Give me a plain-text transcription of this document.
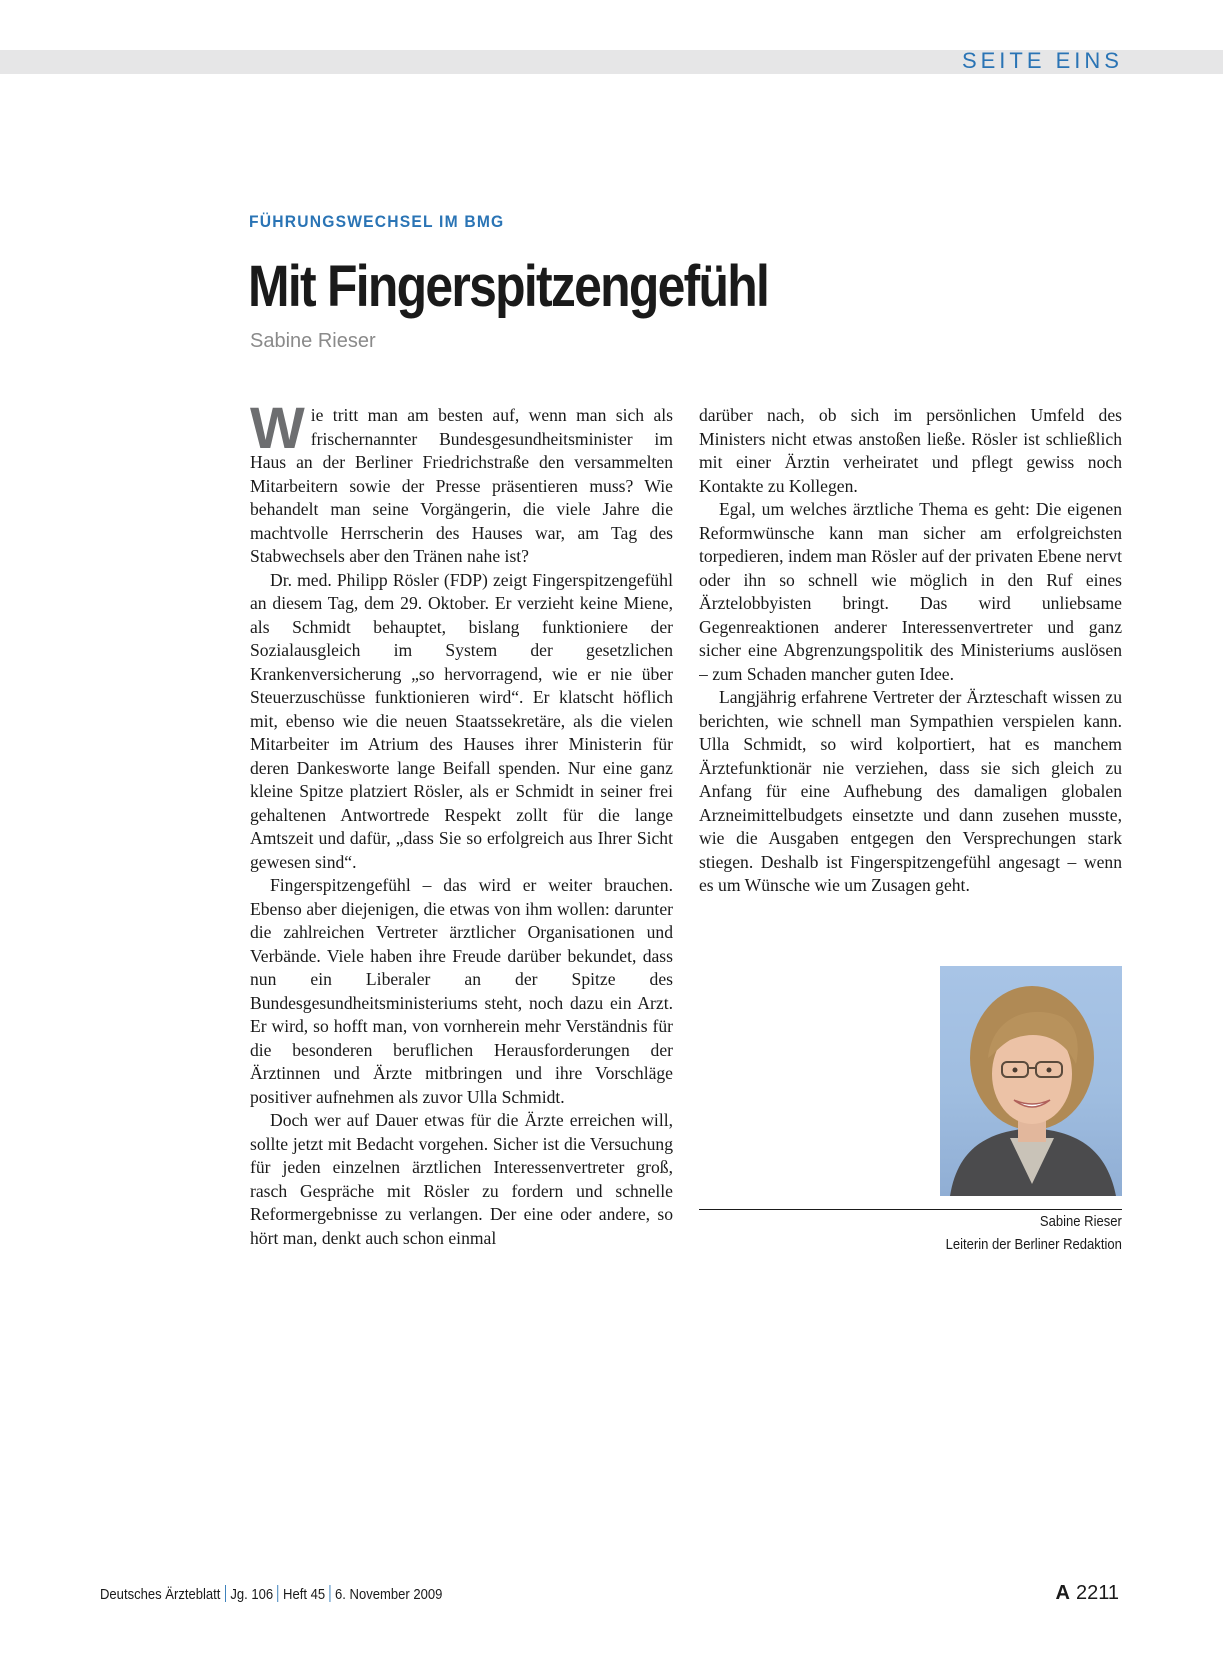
SEITE EINS
FÜHRUNGSWECHSEL IM BMG
Mit Fingerspitzengefühl
Sabine Rieser

Wie tritt man am besten auf, wenn man sich als frischernannter Bundesgesundheitsminister im Haus an der Berliner Friedrichstraße den versammelten Mitarbeitern sowie der Presse präsentieren muss? Wie behandelt man seine Vorgängerin, die viele Jahre die machtvolle Herrscherin des Hauses war, am Tag des Stabwechsels aber den Tränen nahe ist?

Dr. med. Philipp Rösler (FDP) zeigt Fingerspitzengefühl an diesem Tag, dem 29. Oktober. Er verzieht keine Miene, als Schmidt behauptet, bislang funktioniere der Sozialausgleich im System der gesetzlichen Krankenversicherung „so hervorragend, wie er nie über Steuerzuschüsse funktionieren wird“. Er klatscht höflich mit, ebenso wie die neuen Staatssekretäre, als die vielen Mitarbeiter im Atrium des Hauses ihrer Ministerin für deren Dankesworte lange Beifall spenden. Nur eine ganz kleine Spitze platziert Rösler, als er Schmidt in seiner frei gehaltenen Antwortrede Respekt zollt für die lange Amtszeit und dafür, „dass Sie so erfolgreich aus Ihrer Sicht gewesen sind“.

Fingerspitzengefühl – das wird er weiter brauchen. Ebenso aber diejenigen, die etwas von ihm wollen: darunter die zahlreichen Vertreter ärztlicher Organisationen und Verbände. Viele haben ihre Freude darüber bekundet, dass nun ein Liberaler an der Spitze des Bundesgesundheitsministeriums steht, noch dazu ein Arzt. Er wird, so hofft man, von vornherein mehr Verständnis für die besonderen beruflichen Herausforderungen der Ärztinnen und Ärzte mitbringen und ihre Vorschläge positiver aufnehmen als zuvor Ulla Schmidt.

Doch wer auf Dauer etwas für die Ärzte erreichen will, sollte jetzt mit Bedacht vorgehen. Sicher ist die Versuchung für jeden einzelnen ärztlichen Interessenvertreter groß, rasch Gespräche mit Rösler zu fordern und schnelle Reformergebnisse zu verlangen. Der eine oder andere, so hört man, denkt auch schon einmal

darüber nach, ob sich im persönlichen Umfeld des Ministers nicht etwas anstoßen ließe. Rösler ist schließlich mit einer Ärztin verheiratet und pflegt gewiss noch Kontakte zu Kollegen.

Egal, um welches ärztliche Thema es geht: Die eigenen Reformwünsche kann man sicher am erfolgreichsten torpedieren, indem man Rösler auf der privaten Ebene nervt oder ihn so schnell wie möglich in den Ruf eines Ärztelobbyisten bringt. Das wird unliebsame Gegenreaktionen anderer Interessenvertreter und ganz sicher eine Abgrenzungspolitik des Ministeriums auslösen – zum Schaden mancher guten Idee.

Langjährig erfahrene Vertreter der Ärzteschaft wissen zu berichten, wie schnell man Sympathien verspielen kann. Ulla Schmidt, so wird kolportiert, hat es manchem Ärztefunktionär nie verziehen, dass sie sich gleich zu Anfang für eine Aufhebung des damaligen globalen Arzneimittelbudgets einsetzte und dann zusehen musste, wie die Ausgaben entgegen den Versprechungen stark stiegen. Deshalb ist Fingerspitzengefühl angesagt – wenn es um Wünsche wie um Zusagen geht.

Sabine Rieser
Leiterin der Berliner Redaktion
Deutsches Ärzteblatt Jg. 106 Heft 45 6. November 2009	A 2211
